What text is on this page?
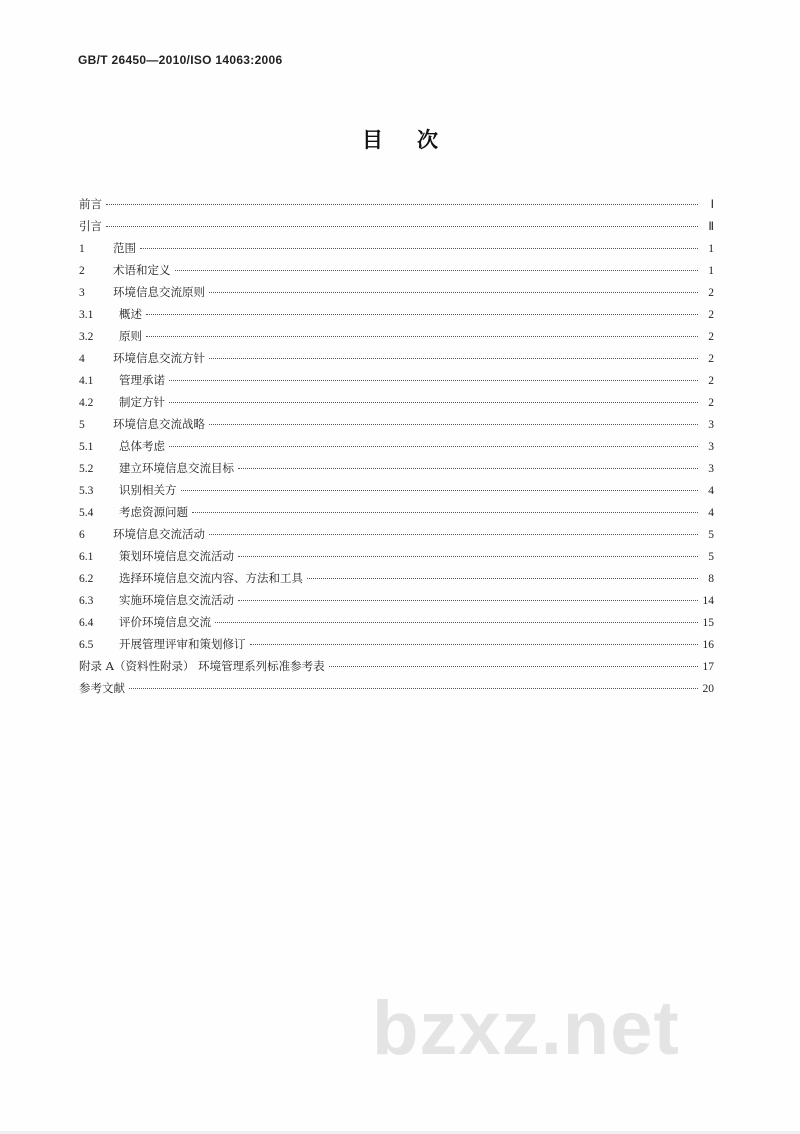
GB/T 26450—2010/ISO 14063:2006
目次
前言	Ⅰ
引言	Ⅱ
1	范围	1
2	术语和定义	1
3	环境信息交流原则	2
3.1	概述	2
3.2	原则	2
4	环境信息交流方针	2
4.1	管理承诺	2
4.2	制定方针	2
5	环境信息交流战略	3
5.1	总体考虑	3
5.2	建立环境信息交流目标	3
5.3	识别相关方	4
5.4	考虑资源问题	4
6	环境信息交流活动	5
6.1	策划环境信息交流活动	5
6.2	选择环境信息交流内容、方法和工具	8
6.3	实施环境信息交流活动	14
6.4	评价环境信息交流	15
6.5	开展管理评审和策划修订	16
附录 A（资料性附录） 环境管理系列标准参考表	17
参考文献	20
bzxz.net
